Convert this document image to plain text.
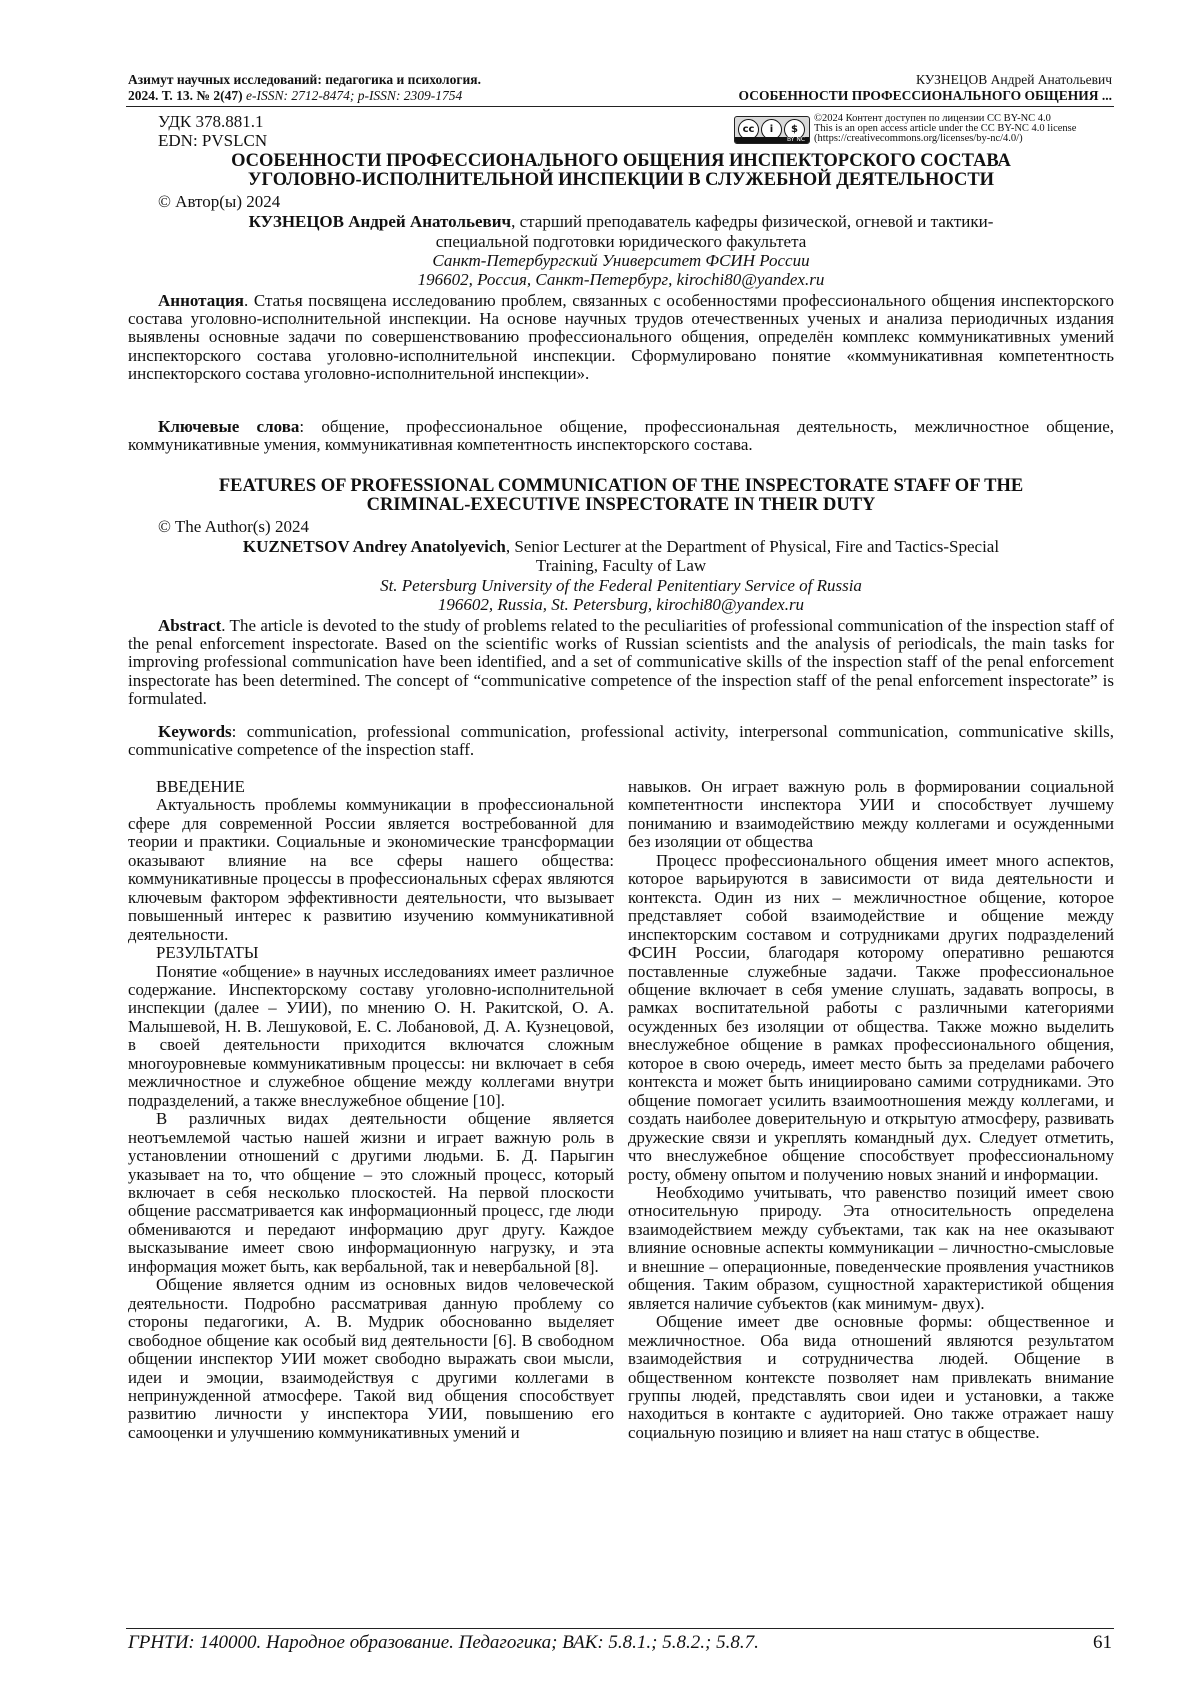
Азимут научных исследований: педагогика и психология.
2024. Т. 13. № 2(47) e-ISSN: 2712-8474; p-ISSN: 2309-1754
КУЗНЕЦОВ Андрей Анатольевич
ОСОБЕННОСТИ ПРОФЕССИОНАЛЬНОГО ОБЩЕНИЯ ...
УДК 378.881.1
EDN: PVSLCN
cc	i	$
BY NC
©2024 Контент доступен по лицензии CC BY-NC 4.0
This is an open access article under the CC BY-NC 4.0 license
(https://creativecommons.org/licenses/by-nc/4.0/)
ОСОБЕННОСТИ ПРОФЕССИОНАЛЬНОГО ОБЩЕНИЯ ИНСПЕКТОРСКОГО СОСТАВА
УГОЛОВНО-ИСПОЛНИТЕЛЬНОЙ ИНСПЕКЦИИ В СЛУЖЕБНОЙ ДЕЯТЕЛЬНОСТИ
© Автор(ы) 2024
КУЗНЕЦОВ Андрей Анатольевич, старший преподаватель кафедры физической, огневой и тактики-
специальной подготовки юридического факультета
Санкт-Петербургский Университет ФСИН России
196602, Россия, Санкт-Петербург, kirochi80@yandex.ru
Аннотация. Статья посвящена исследованию проблем, связанных с особенностями профессионального общения инспекторского состава уголовно-исполнительной инспекции. На основе научных трудов отечественных ученых и анализа периодичных издания выявлены основные задачи по совершенствованию профессионального общения, определён комплекс коммуникативных умений инспекторского состава уголовно-исполнительной инспекции. Сформулировано понятие «коммуникативная компетентность инспекторского состава уголовно-исполнительной инспекции».
Ключевые слова: общение, профессиональное общение, профессиональная деятельность, межличностное общение, коммуникативные умения, коммуникативная компетентность инспекторского состава.
FEATURES OF PROFESSIONAL COMMUNICATION OF THE INSPECTORATE STAFF OF THE
CRIMINAL-EXECUTIVE INSPECTORATE IN THEIR DUTY
© The Author(s) 2024
KUZNETSOV Andrey Anatolyevich, Senior Lecturer at the Department of Physical, Fire and Tactics-Special
Training, Faculty of Law
St. Petersburg University of the Federal Penitentiary Service of Russia
196602, Russia, St. Petersburg, kirochi80@yandex.ru
Abstract. The article is devoted to the study of problems related to the peculiarities of professional communication of the inspection staff of the penal enforcement inspectorate. Based on the scientific works of Russian scientists and the analysis of periodicals, the main tasks for improving professional communication have been identified, and a set of communicative skills of the inspection staff of the penal enforcement inspectorate has been determined. The concept of “communicative competence of the inspection staff of the penal enforcement inspectorate” is formulated.
Keywords: communication, professional communication, professional activity, interpersonal communication, communicative skills, communicative competence of the inspection staff.
ВВЕДЕНИЕ

Актуальность проблемы коммуникации в профессиональной сфере для современной России является востребованной для теории и практики. Социальные и экономические трансформации оказывают влияние на все сферы нашего общества: коммуникативные процессы в профессиональных сферах являются ключевым фактором эффективности деятельности, что вызывает повышенный интерес к развитию изучению коммуникативной деятельности.

РЕЗУЛЬТАТЫ

Понятие «общение» в научных исследованиях имеет различное содержание. Инспекторскому составу уголовно-исполнительной инспекции (далее – УИИ), по мнению О. Н. Ракитской, О. А. Малышевой, Н. В. Лешуковой, Е. С. Лобановой, Д. А. Кузнецовой, в своей деятельности приходится включатся сложным многоуровневые коммуникативным процессы: ни включает в себя межличностное и служебное общение между коллегами внутри подразделений, а также внеслужебное общение [10].

В различных видах деятельности общение является неотъемлемой частью нашей жизни и играет важную роль в установлении отношений с другими людьми. Б. Д. Парыгин указывает на то, что общение – это сложный процесс, который включает в себя несколько плоскостей. На первой плоскости общение рассматривается как информационный процесс, где люди обмениваются и передают информацию друг другу. Каждое высказывание имеет свою информационную нагрузку, и эта информация может быть, как вербальной, так и невербальной [8].

Общение является одним из основных видов человеческой деятельности. Подробно рассматривая данную проблему со стороны педагогики, А. В. Мудрик обоснованно выделяет свободное общение как особый вид деятельности [6]. В свободном общении инспектор УИИ может свободно выражать свои мысли, идеи и эмоции, взаимодействуя с другими коллегами в непринужденной атмосфере. Такой вид общения способствует развитию личности у инспектора УИИ, повышению его самооценки и улучшению коммуникативных умений и

навыков. Он играет важную роль в формировании социальной компетентности инспектора УИИ и способствует лучшему пониманию и взаимодействию между коллегами и осужденными без изоляции от общества

Процесс профессионального общения имеет много аспектов, которое варьируются в зависимости от вида деятельности и контекста. Один из них – межличностное общение, которое представляет собой взаимодействие и общение между инспекторским составом и сотрудниками других подразделений ФСИН России, благодаря которому оперативно решаются поставленные служебные задачи. Также профессиональное общение включает в себя умение слушать, задавать вопросы, в рамках воспитательной работы с различными категориями осужденных без изоляции от общества. Также можно выделить внеслужебное общение в рамках профессионального общения, которое в свою очередь, имеет место быть за пределами рабочего контекста и может быть инициировано самими сотрудниками. Это общение помогает усилить взаимоотношения между коллегами, и создать наиболее доверительную и открытую атмосферу, развивать дружеские связи и укреплять командный дух. Следует отметить, что внеслужебное общение способствует профессиональному росту, обмену опытом и получению новых знаний и информации.

Необходимо учитывать, что равенство позиций имеет свою относительную природу. Эта относительность определена взаимодействием между субъектами, так как на нее оказывают влияние основные аспекты коммуникации – личностно-смысловые и внешние – операционные, поведенческие проявления участников общения. Таким образом, сущностной характеристикой общения является наличие субъектов (как минимум- двух).

Общение имеет две основные формы: общественное и межличностное. Оба вида отношений являются результатом взаимодействия и сотрудничества людей. Общение в общественном контексте позволяет нам привлекать внимание группы людей, представлять свои идеи и установки, а также находиться в контакте с аудиторией. Оно также отражает нашу социальную позицию и влияет на наш статус в обществе.

ГРНТИ: 140000. Народное образование. Педагогика; ВАК: 5.8.1.; 5.8.2.; 5.8.7.	61
